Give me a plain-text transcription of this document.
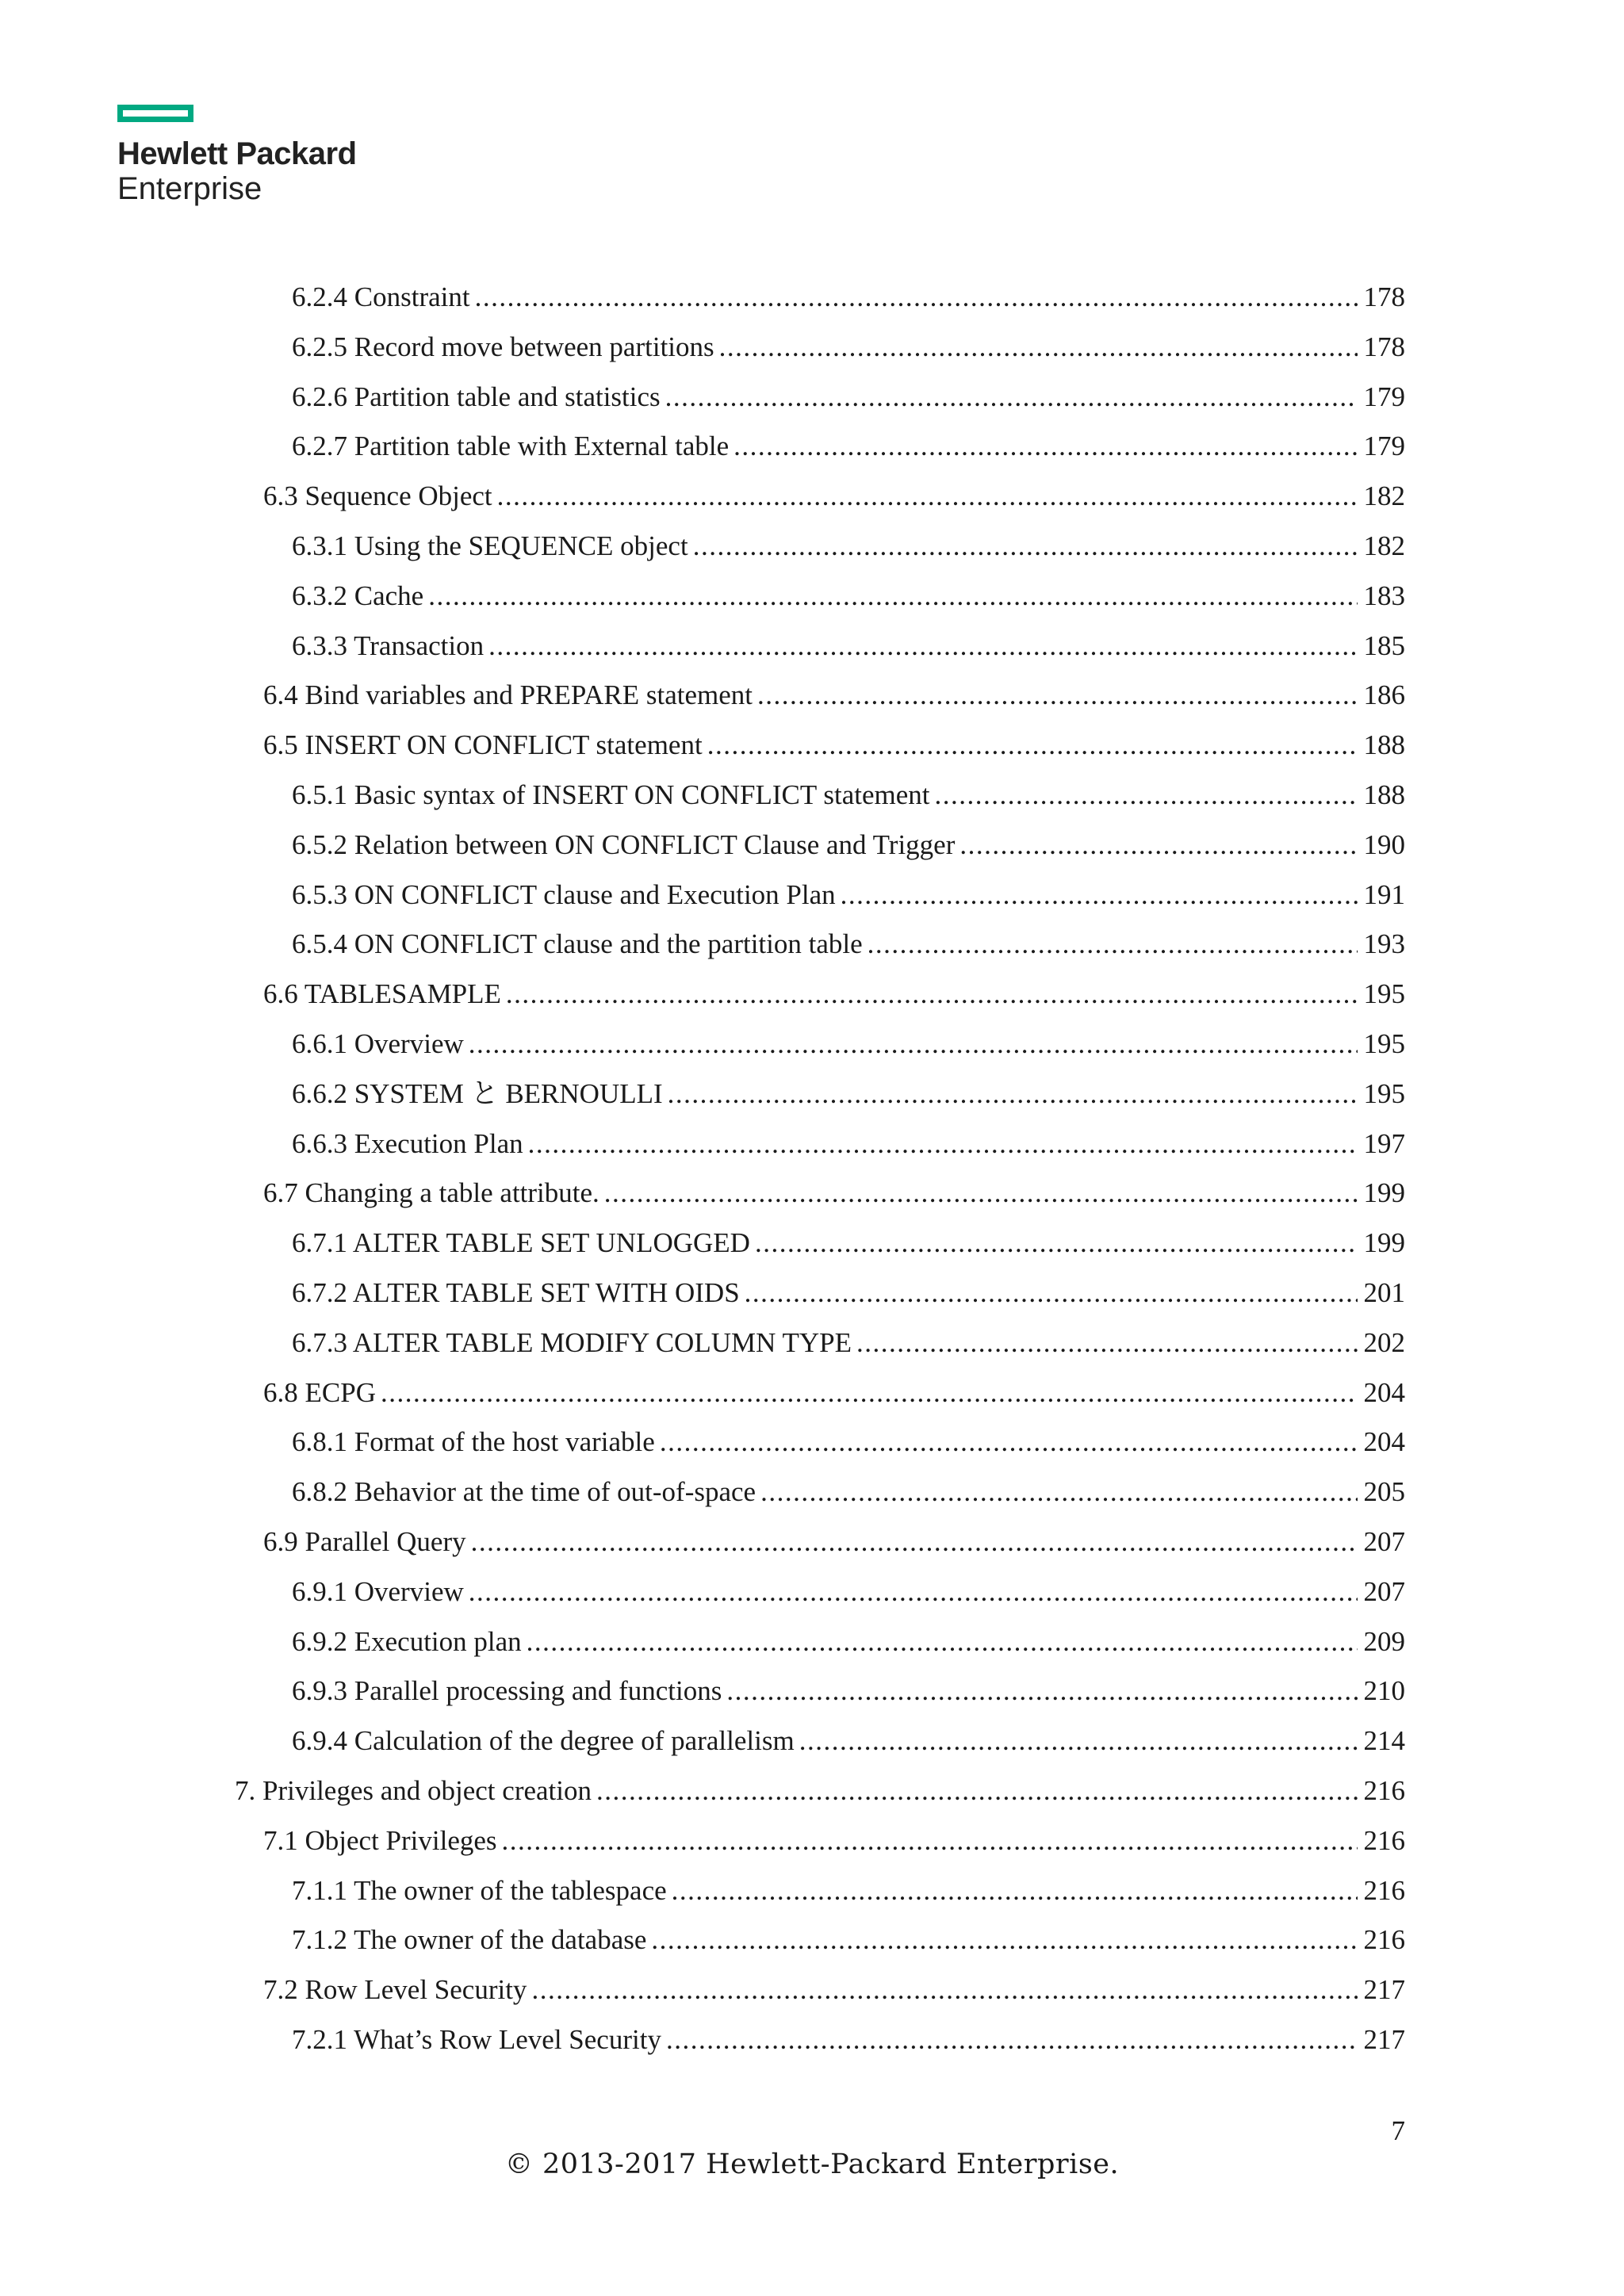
Hewlett Packard
Enterprise
6.2.4 Constraint .....	178
6.2.5 Record move between partitions .....	178
6.2.6 Partition table and statistics .....	179
6.2.7 Partition table with External table .....	179
6.3 Sequence Object .....	182
6.3.1 Using the SEQUENCE object .....	182
6.3.2 Cache .....	183
6.3.3 Transaction .....	185
6.4 Bind variables and PREPARE statement .....	186
6.5 INSERT ON CONFLICT statement .....	188
6.5.1 Basic syntax of INSERT ON CONFLICT statement .....	188
6.5.2 Relation between ON CONFLICT Clause and Trigger .....	190
6.5.3 ON CONFLICT clause and Execution Plan .....	191
6.5.4 ON CONFLICT clause and the partition table .....	193
6.6 TABLESAMPLE .....	195
6.6.1 Overview .....	195
6.6.2 SYSTEM と BERNOULLI .....	195
6.6.3 Execution Plan .....	197
6.7 Changing a table attribute. .....	199
6.7.1 ALTER TABLE SET UNLOGGED .....	199
6.7.2 ALTER TABLE SET WITH OIDS .....	201
6.7.3 ALTER TABLE MODIFY COLUMN TYPE .....	202
6.8 ECPG .....	204
6.8.1 Format of the host variable .....	204
6.8.2 Behavior at the time of out-of-space .....	205
6.9 Parallel Query .....	207
6.9.1 Overview .....	207
6.9.2 Execution plan .....	209
6.9.3 Parallel processing and functions .....	210
6.9.4 Calculation of the degree of parallelism .....	214
7. Privileges and object creation .....	216
7.1 Object Privileges .....	216
7.1.1 The owner of the tablespace .....	216
7.1.2 The owner of the database .....	216
7.2 Row Level Security .....	217
7.2.1 What’s Row Level Security .....	217
7
© 2013-2017 Hewlett-Packard Enterprise.
